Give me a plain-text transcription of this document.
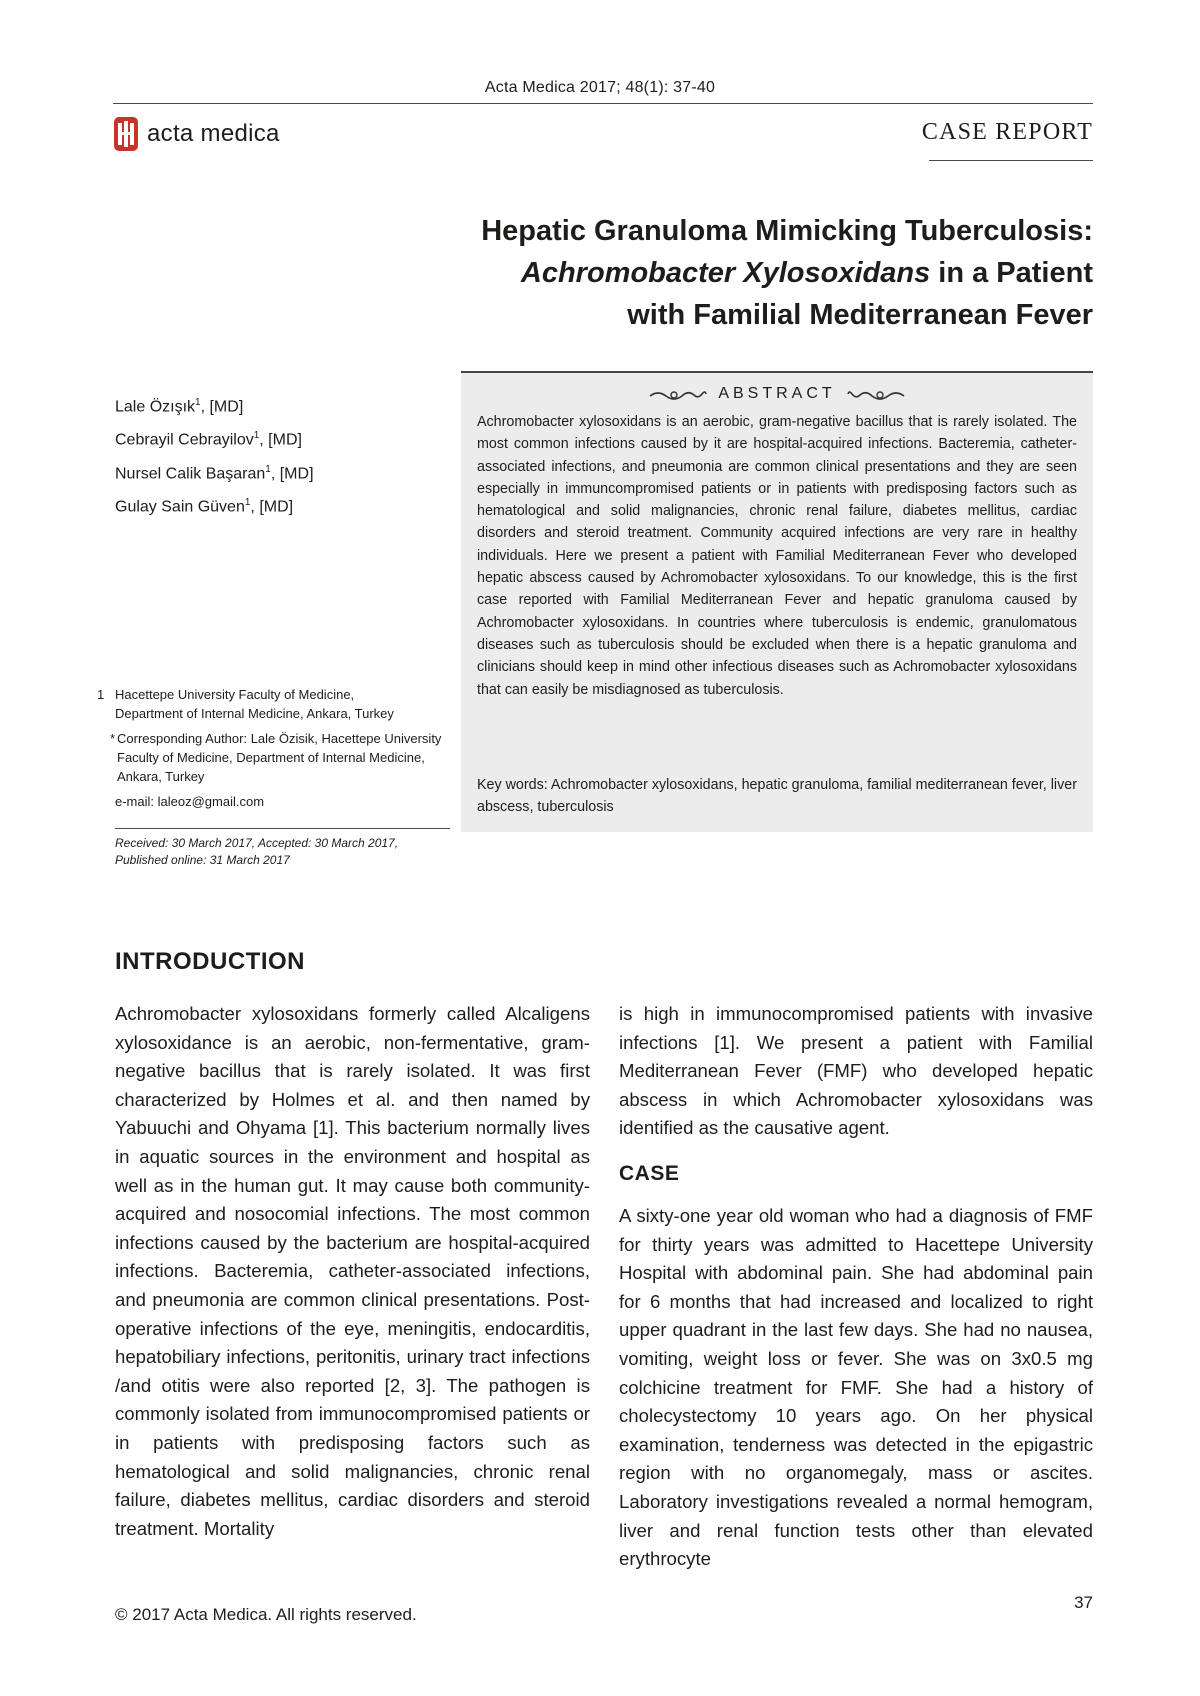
Acta Medica 2017; 48(1): 37-40
acta medica	CASE REPORT
Hepatic Granuloma Mimicking Tuberculosis:
Achromobacter Xylosoxidans in a Patient
with Familial Mediterranean Fever
Lale Özışık$^1$, [MD]
Cebrayil Cebrayilov$^1$, [MD]
Nursel Calik Başaran$^1$, [MD]
Gulay Sain Güven$^1$, [MD]
1 Hacettepe University Faculty of Medicine,
Department of Internal Medicine, Ankara, Turkey
* Corresponding Author: Lale Özisik, Hacettepe University Faculty of Medicine, Department of Internal Medicine, Ankara, Turkey
e-mail: laleoz@gmail.com
Received: 30 March 2017, Accepted: 30 March 2017,
Published online: 31 March 2017
ABSTRACT
Achromobacter xylosoxidans is an aerobic, gram-negative bacillus that is rarely isolated. The most common infections caused by it are hospital-acquired infections. Bacteremia, catheter-associated infections, and pneumonia are common clinical presentations and they are seen especially in immuncompromised patients or in patients with predisposing factors such as hematological and solid malignancies, chronic renal failure, diabetes mellitus, cardiac disorders and steroid treatment. Community acquired infections are very rare in healthy individuals. Here we present a patient with Familial Mediterranean Fever who developed hepatic abscess caused by Achromobacter xylosoxidans. To our knowledge, this is the first case reported with Familial Mediterranean Fever and hepatic granuloma caused by Achromobacter xylosoxidans. In countries where tuberculosis is endemic, granulomatous diseases such as tuberculosis should be excluded when there is a hepatic granuloma and clinicians should keep in mind other infectious diseases such as Achromobacter xylosoxidans that can easily be misdiagnosed as tuberculosis.
Key words: Achromobacter xylosoxidans, hepatic granuloma, familial mediterranean fever, liver abscess, tuberculosis
INTRODUCTION
Achromobacter xylosoxidans formerly called Alcaligens xylosoxidance is an aerobic, non-fermentative, gram-negative bacillus that is rarely isolated. It was first characterized by Holmes et al. and then named by Yabuuchi and Ohyama [1]. This bacterium normally lives in aquatic sources in the environment and hospital as well as in the human gut. It may cause both community-acquired and nosocomial infections. The most common infections caused by the bacterium are hospital-acquired infections. Bacteremia, catheter-associated infections, and pneumonia are common clinical presentations. Post-operative infections of the eye, meningitis, endocarditis, hepatobiliary infections, peritonitis, urinary tract infections /and otitis were also reported [2, 3]. The pathogen is commonly isolated from immunocompromised patients or in patients with predisposing factors such as hematological and solid malignancies, chronic renal failure, diabetes mellitus, cardiac disorders and steroid treatment. Mortality
is high in immunocompromised patients with invasive infections [1]. We present a patient with Familial Mediterranean Fever (FMF) who developed hepatic abscess in which Achromobacter xylosoxidans was identified as the causative agent.
CASE
A sixty-one year old woman who had a diagnosis of FMF for thirty years was admitted to Hacettepe University Hospital with abdominal pain. She had abdominal pain for 6 months that had increased and localized to right upper quadrant in the last few days. She had no nausea, vomiting, weight loss or fever. She was on 3x0.5 mg colchicine treatment for FMF. She had a history of cholecystectomy 10 years ago. On her physical examination, tenderness was detected in the epigastric region with no organomegaly, mass or ascites. Laboratory investigations revealed a normal hemogram, liver and renal function tests other than elevated erythrocyte
© 2017 Acta Medica. All rights reserved.
37
